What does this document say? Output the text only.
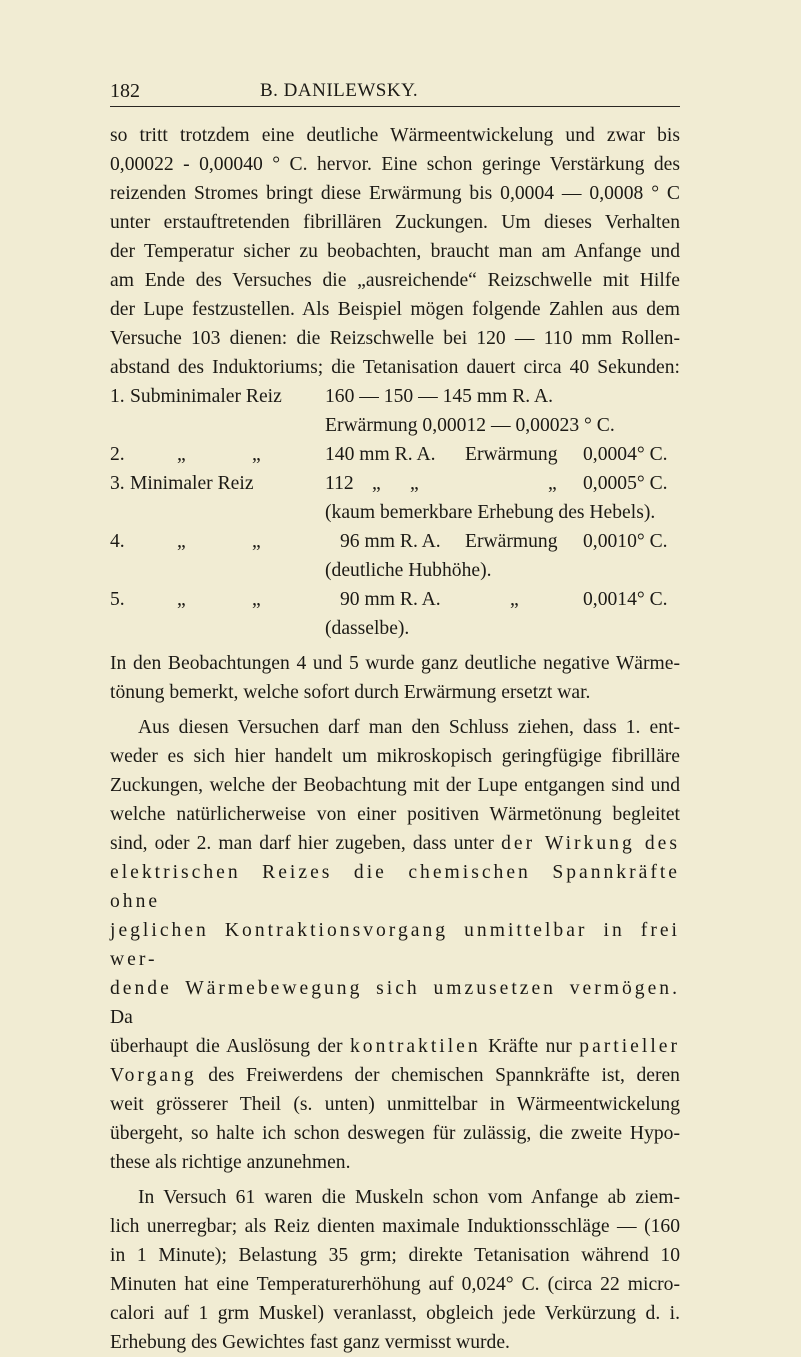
182	B. DANILEWSKY.

so tritt trotzdem eine deutliche Wärmeentwickelung und zwar bis
0,00022 - 0,00040 ° C. hervor. Eine schon geringe Verstärkung des
reizenden Stromes bringt diese Erwärmung bis 0,0004 — 0,0008 ° C
unter erstauftretenden fibrillären Zuckungen. Um dieses Verhalten
der Temperatur sicher zu beobachten, braucht man am Anfange und
am Ende des Versuches die „ausreichende“ Reizschwelle mit Hilfe
der Lupe festzustellen. Als Beispiel mögen folgende Zahlen aus dem
Versuche 103 dienen: die Reizschwelle bei 120 — 110 mm Rollen-
abstand des Induktoriums; die Tetanisation dauert circa 40 Sekunden:

1. Subminimaler Reiz 160 — 150 — 145 mm R. A.
Erwärmung 0,00012 — 0,00023 ° C.
2.	„	„	140 mm R. A. Erwärmung 0,0004° C.
3. Minimaler Reiz	112 „ „	„ 0,0005° C.
(kaum bemerkbare Erhebung des Hebels).
4.	„	„	96 mm R. A. Erwärmung 0,0010° C.
(deutliche Hubhöhe).
5.	„	„	90 mm R. A.	„	0,0014° C.
(dasselbe).

In den Beobachtungen 4 und 5 wurde ganz deutliche negative Wärme-
tönung bemerkt, welche sofort durch Erwärmung ersetzt war.

Aus diesen Versuchen darf man den Schluss ziehen, dass 1. ent-
weder es sich hier handelt um mikroskopisch geringfügige fibrilläre
Zuckungen, welche der Beobachtung mit der Lupe entgangen sind und
welche natürlicherweise von einer positiven Wärmetönung begleitet
sind, oder 2. man darf hier zugeben, dass unter der Wirkung des
elektrischen Reizes die chemischen Spannkräfte ohne
jeglichen Kontraktionsvorgang unmittelbar in frei wer-
dende Wärmebewegung sich umzusetzen vermögen. Da
überhaupt die Auslösung der kontraktilen Kräfte nur partieller
Vorgang des Freiwerdens der chemischen Spannkräfte ist, deren
weit grösserer Theil (s. unten) unmittelbar in Wärmeentwickelung
übergeht, so halte ich schon deswegen für zulässig, die zweite Hypo-
these als richtige anzunehmen.

In Versuch 61 waren die Muskeln schon vom Anfange ab ziem-
lich unerregbar; als Reiz dienten maximale Induktionsschläge — (160
in 1 Minute); Belastung 35 grm; direkte Tetanisation während 10
Minuten hat eine Temperaturerhöhung auf 0,024° C. (circa 22 micro-
calori auf 1 grm Muskel) veranlasst, obgleich jede Verkürzung d. i.
Erhebung des Gewichtes fast ganz vermisst wurde.
